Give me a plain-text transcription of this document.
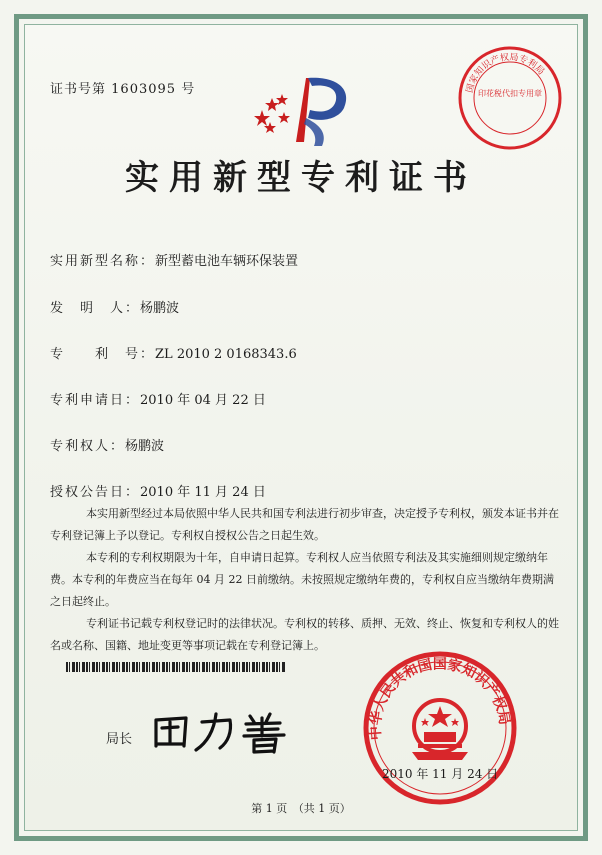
证书号第 1603095 号	国家知识产权局专利局
印花税代扣专用章
实用新型专利证书
实用新型名称：新型蓄电池车辆环保装置
发　明　人：杨鹏波
专　　利　号：ZL 2010 2 0168343.6
专利申请日：2010 年 04 月 22 日
专利权人：杨鹏波
授权公告日：2010 年 11 月 24 日

本实用新型经过本局依照中华人民共和国专利法进行初步审查，决定授予专利权，颁发本证书并在专利登记簿上予以登记。专利权自授权公告之日起生效。

本专利的专利权期限为十年，自申请日起算。专利权人应当依照专利法及其实施细则规定缴纳年费。本专利的年费应当在每年 04 月 22 日前缴纳。未按照规定缴纳年费的，专利权自应当缴纳年费期满之日起终止。

专利证书记载专利权登记时的法律状况。专利权的转移、质押、无效、终止、恢复和专利权人的姓名或名称、国籍、地址变更等事项记载在专利登记簿上。

局长	中华人民共和国国家知识产权局
2010 年 11 月 24 日
第 1 页　（共 1 页）
